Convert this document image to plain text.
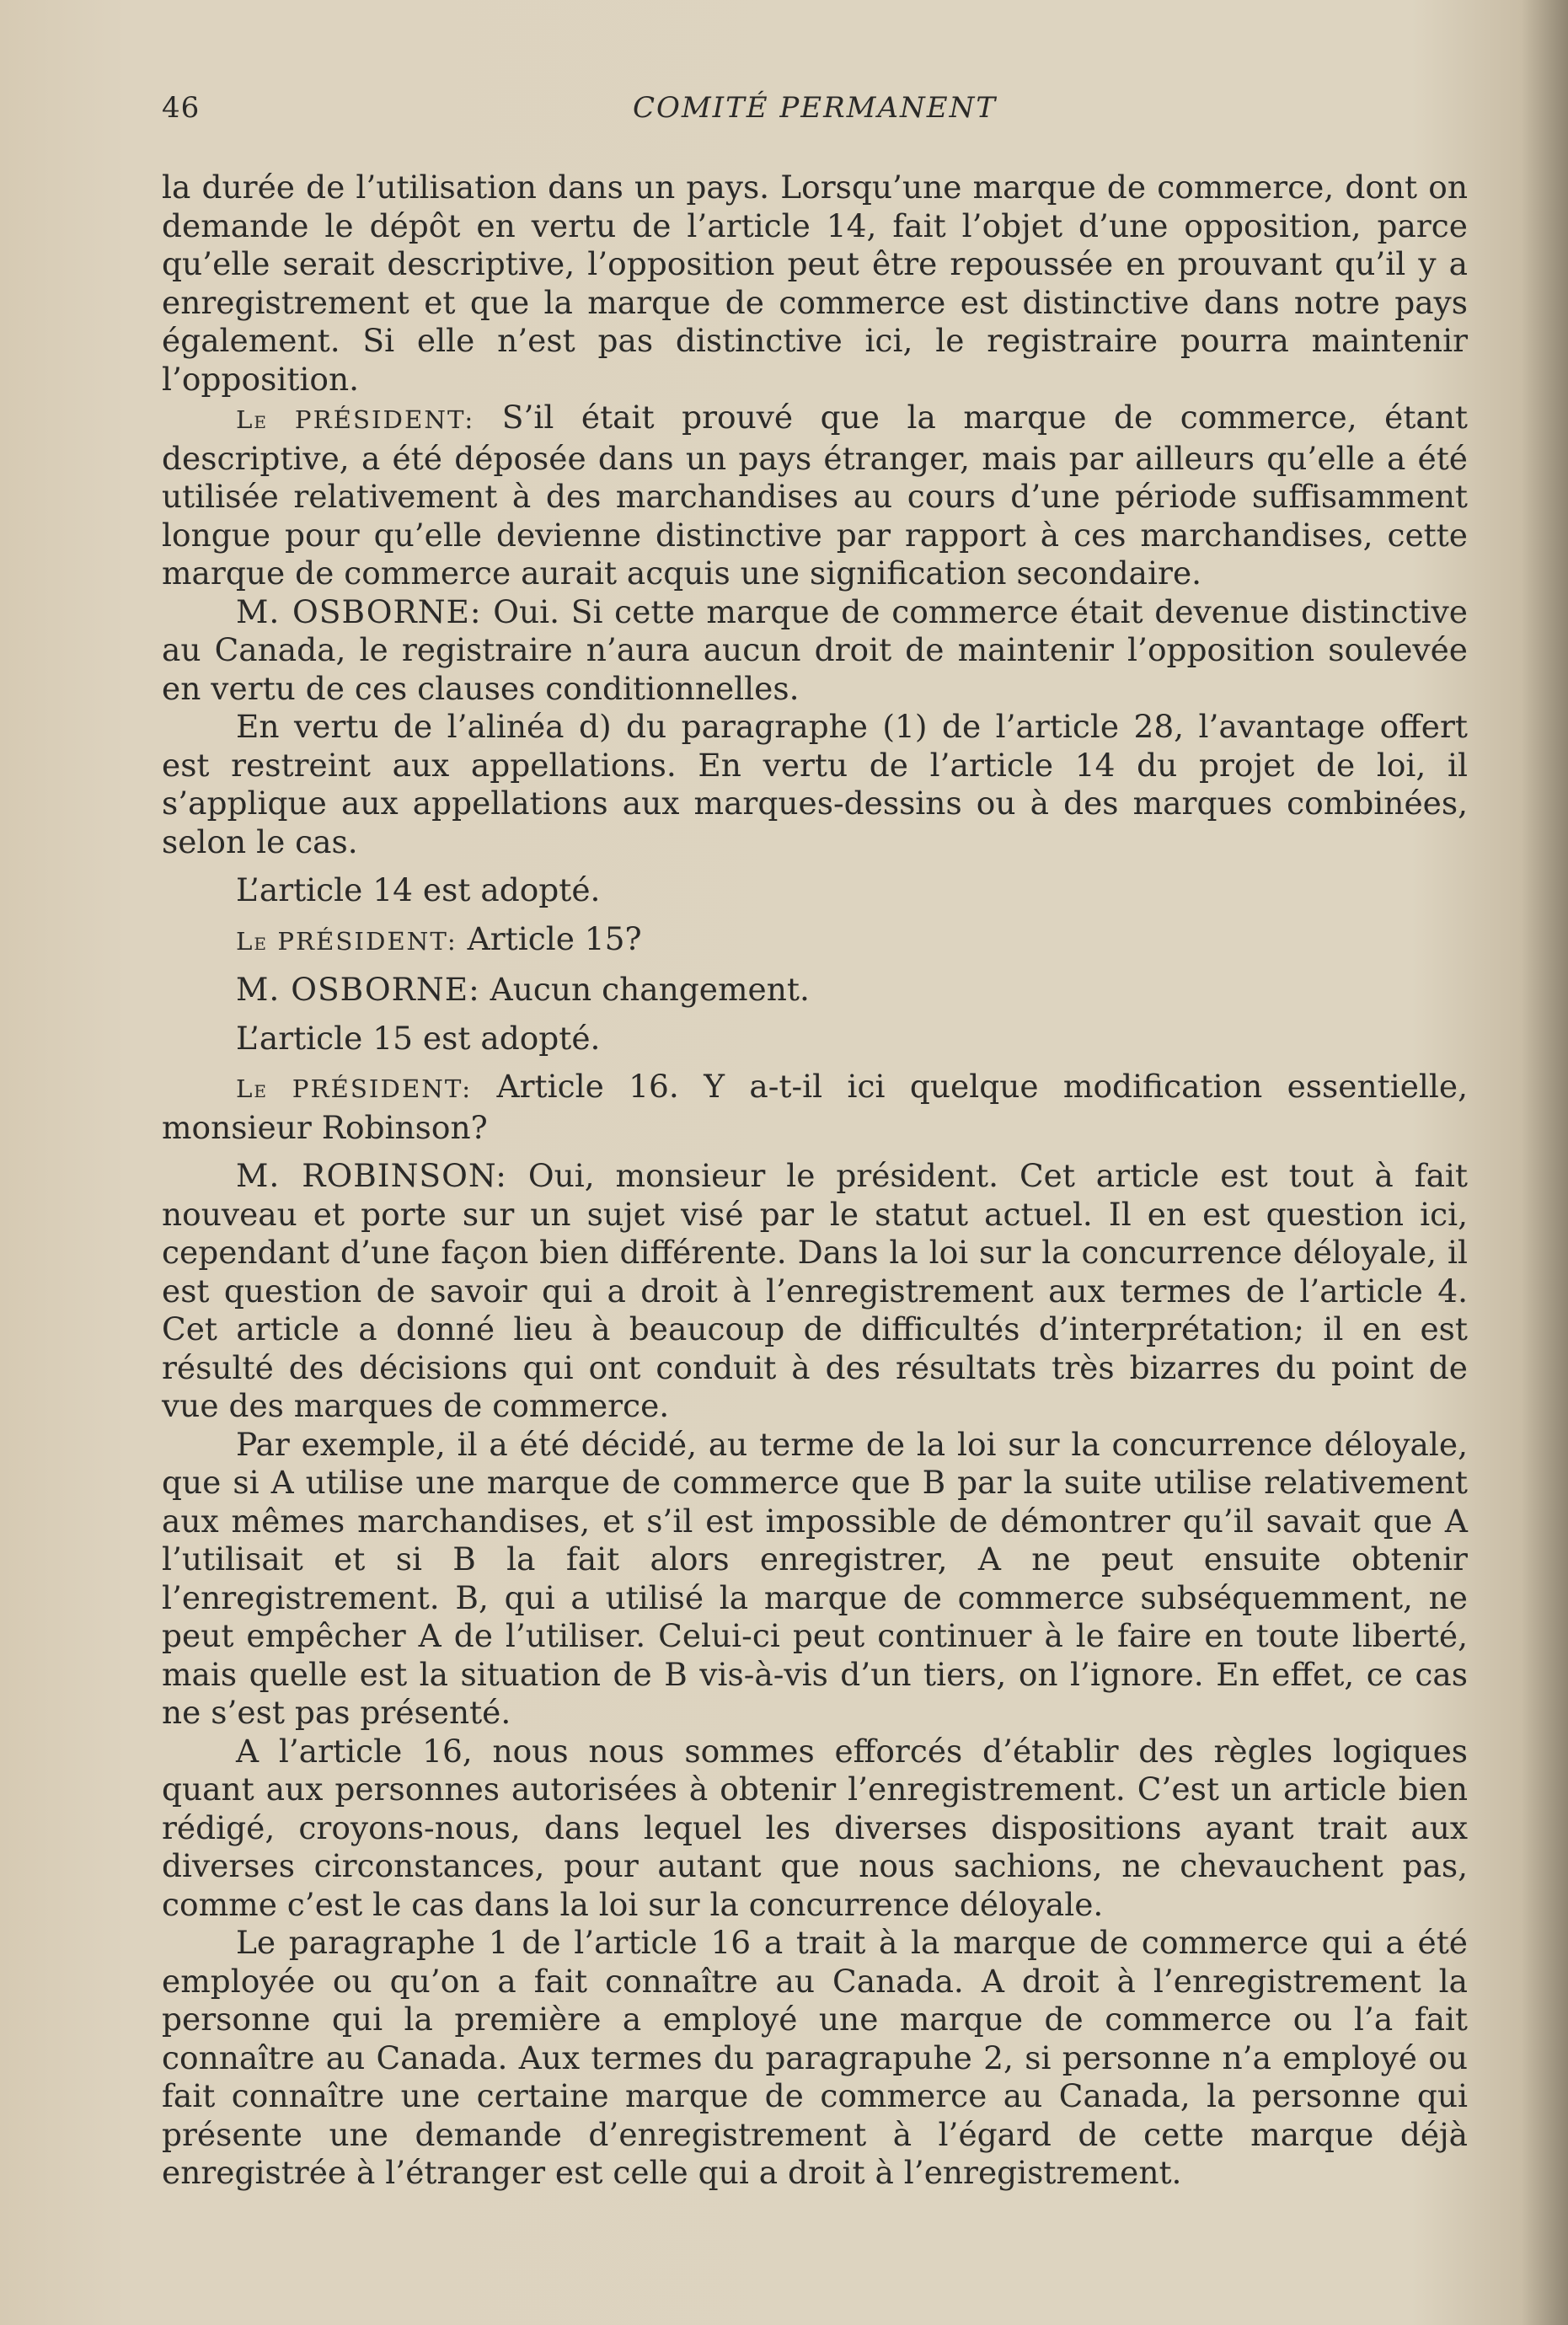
46	COMITÉ PERMANENT

la durée de l’utilisation dans un pays. Lorsqu’une marque de commerce, dont on demande le dépôt en vertu de l’article 14, fait l’objet d’une opposition, parce qu’elle serait descriptive, l’opposition peut être repoussée en prouvant qu’il y a enregistrement et que la marque de commerce est distinctive dans notre pays également. Si elle n’est pas distinctive ici, le registraire pourra maintenir l’opposition.

Le PRÉSIDENT: S’il était prouvé que la marque de commerce, étant descriptive, a été déposée dans un pays étranger, mais par ailleurs qu’elle a été utilisée relativement à des marchandises au cours d’une période suffisamment longue pour qu’elle devienne distinctive par rapport à ces marchandises, cette marque de commerce aurait acquis une signification secondaire.

M. OSBORNE: Oui. Si cette marque de commerce était devenue distinctive au Canada, le registraire n’aura aucun droit de maintenir l’opposition soulevée en vertu de ces clauses conditionnelles.

En vertu de l’alinéa d) du paragraphe (1) de l’article 28, l’avantage offert est restreint aux appellations. En vertu de l’article 14 du projet de loi, il s’applique aux appellations aux marques-dessins ou à des marques combinées, selon le cas.

L’article 14 est adopté.

Le PRÉSIDENT: Article 15?

M. OSBORNE: Aucun changement.

L’article 15 est adopté.

Le PRÉSIDENT: Article 16. Y a-t-il ici quelque modification essentielle, monsieur Robinson?

M. ROBINSON: Oui, monsieur le président. Cet article est tout à fait nouveau et porte sur un sujet visé par le statut actuel. Il en est question ici, cependant d’une façon bien différente. Dans la loi sur la concurrence déloyale, il est question de savoir qui a droit à l’enregistrement aux termes de l’article 4. Cet article a donné lieu à beaucoup de difficultés d’interprétation; il en est résulté des décisions qui ont conduit à des résultats très bizarres du point de vue des marques de commerce.

Par exemple, il a été décidé, au terme de la loi sur la concurrence déloyale, que si A utilise une marque de commerce que B par la suite utilise relativement aux mêmes marchandises, et s’il est impossible de démontrer qu’il savait que A l’utilisait et si B la fait alors enregistrer, A ne peut ensuite obtenir l’enregistrement. B, qui a utilisé la marque de commerce subséquemment, ne peut empêcher A de l’utiliser. Celui-ci peut continuer à le faire en toute liberté, mais quelle est la situation de B vis-à-vis d’un tiers, on l’ignore. En effet, ce cas ne s’est pas présenté.

A l’article 16, nous nous sommes efforcés d’établir des règles logiques quant aux personnes autorisées à obtenir l’enregistrement. C’est un article bien rédigé, croyons-nous, dans lequel les diverses dispositions ayant trait aux diverses circonstances, pour autant que nous sachions, ne chevauchent pas, comme c’est le cas dans la loi sur la concurrence déloyale.

Le paragraphe 1 de l’article 16 a trait à la marque de commerce qui a été employée ou qu’on a fait connaître au Canada. A droit à l’enregistrement la personne qui la première a employé une marque de commerce ou l’a fait connaître au Canada. Aux termes du paragrapuhe 2, si personne n’a employé ou fait connaître une certaine marque de commerce au Canada, la personne qui présente une demande d’enregistrement à l’égard de cette marque déjà enregistrée à l’étranger est celle qui a droit à l’enregistrement.
